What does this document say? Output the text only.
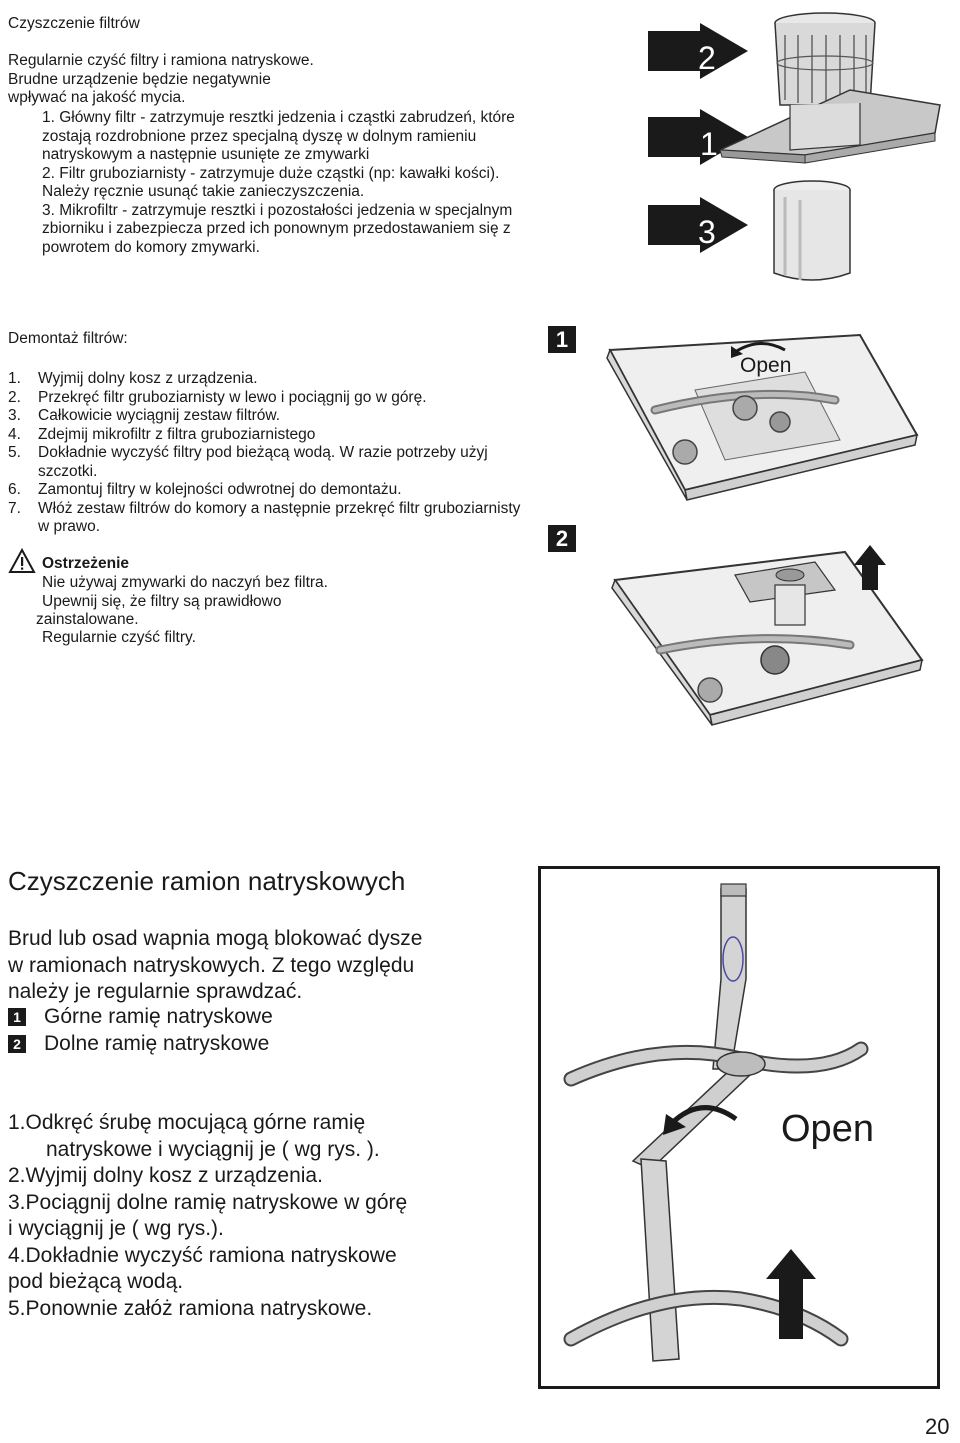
Czyszczenie filtrów
Regularnie czyść filtry i ramiona natryskowe.
Brudne urządzenie będzie negatywnie
wpływać na jakość mycia.
1. Główny filtr - zatrzymuje resztki jedzenia i cząstki zabrudzeń, które
zostają rozdrobnione przez specjalną dyszę w dolnym ramieniu
natryskowym a następnie usunięte ze zmywarki
2. Filtr gruboziarnisty - zatrzymuje duże cząstki (np: kawałki kości).
Należy ręcznie usunąć takie zanieczyszczenia.
3. Mikrofiltr - zatrzymuje resztki i pozostałości jedzenia w specjalnym
zbiorniku i zabezpiecza przed ich ponownym przedostawaniem się z
powrotem do komory zmywarki.
2
1
3
Demontaż filtrów:
1.	Wyjmij dolny kosz z urządzenia.
2.	Przekręć filtr gruboziarnisty w lewo i pociągnij go w górę.
3.	Całkowicie wyciągnij zestaw filtrów.
4.	Zdejmij mikrofiltr z filtra gruboziarnistego
5.	Dokładnie wyczyść filtry pod bieżącą wodą. W razie potrzeby użyj szczotki.
6.	Zamontuj filtry w kolejności odwrotnej do demontażu.
7.	Włóż zestaw filtrów do komory a następnie przekręć filtr gruboziarnisty w prawo.
Ostrzeżenie
Nie używaj zmywarki do naczyń bez filtra.
Upewnij się, że filtry są prawidłowo
zainstalowane.
Regularnie czyść filtry.
1
2
Open
Czyszczenie ramion natryskowych
Brud lub osad wapnia mogą blokować dysze
w ramionach natryskowych. Z tego względu
należy je regularnie sprawdzać.
1 Górne ramię natryskowe
2 Dolne ramię natryskowe
1.Odkręć śrubę mocującą górne ramię
natryskowe i wyciągnij je ( wg rys. ).
2.Wyjmij dolny kosz z urządzenia.
3.Pociągnij dolne ramię natryskowe w górę
i wyciągnij je ( wg rys.).
4.Dokładnie wyczyść ramiona natryskowe
pod bieżącą wodą.
5.Ponownie załóż ramiona natryskowe.
Open
20
